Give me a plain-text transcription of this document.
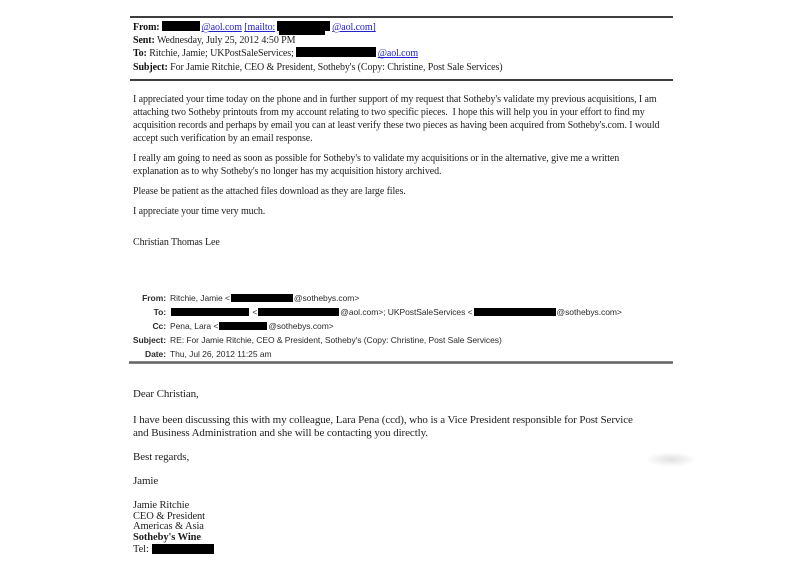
From:	@aol.com [mailto:	@aol.com]
Sent: Wednesday, July 25, 2012 4:50 PM
To: Ritchie, Jamie; UKPostSaleServices;	@aol.com
Subject: For Jamie Ritchie, CEO & President, Sotheby's (Copy: Christine, Post Sale Services)
I appreciated your time today on the phone and in further support of my request that Sotheby's validate my previous acquisitions, I am
attaching two Sotheby printouts from my account relating to two specific pieces.  I hope this will help you in your effort to find my
acquisition records and perhaps by email you can at least verify these two pieces as having been acquired from Sotheby's.com. I would
accept such verification by an email response.
I really am going to need as soon as possible for Sotheby's to validate my acquisitions or in the alternative, give me a written
explanation as to why Sotheby's no longer has my acquisition history archived.
Please be patient as the attached files download as they are large files.
I appreciate your time very much.
Christian Thomas Lee
From: Ritchie, Jamie <	@sothebys.com>
To:	<	@aol.com>; UKPostSaleServices <	@sothebys.com>
Cc: Pena, Lara <	@sothebys.com>
Subject: RE: For Jamie Ritchie, CEO & President, Sotheby's (Copy: Christine, Post Sale Services)
Date: Thu, Jul 26, 2012 11:25 am
Dear Christian,
I have been discussing this with my colleague, Lara Pena (ccd), who is a Vice President responsible for Post Service
and Business Administration and she will be contacting you directly.
Best regards,
Jamie
Jamie Ritchie
CEO & President
Americas & Asia
Sotheby's Wine
Tel:
